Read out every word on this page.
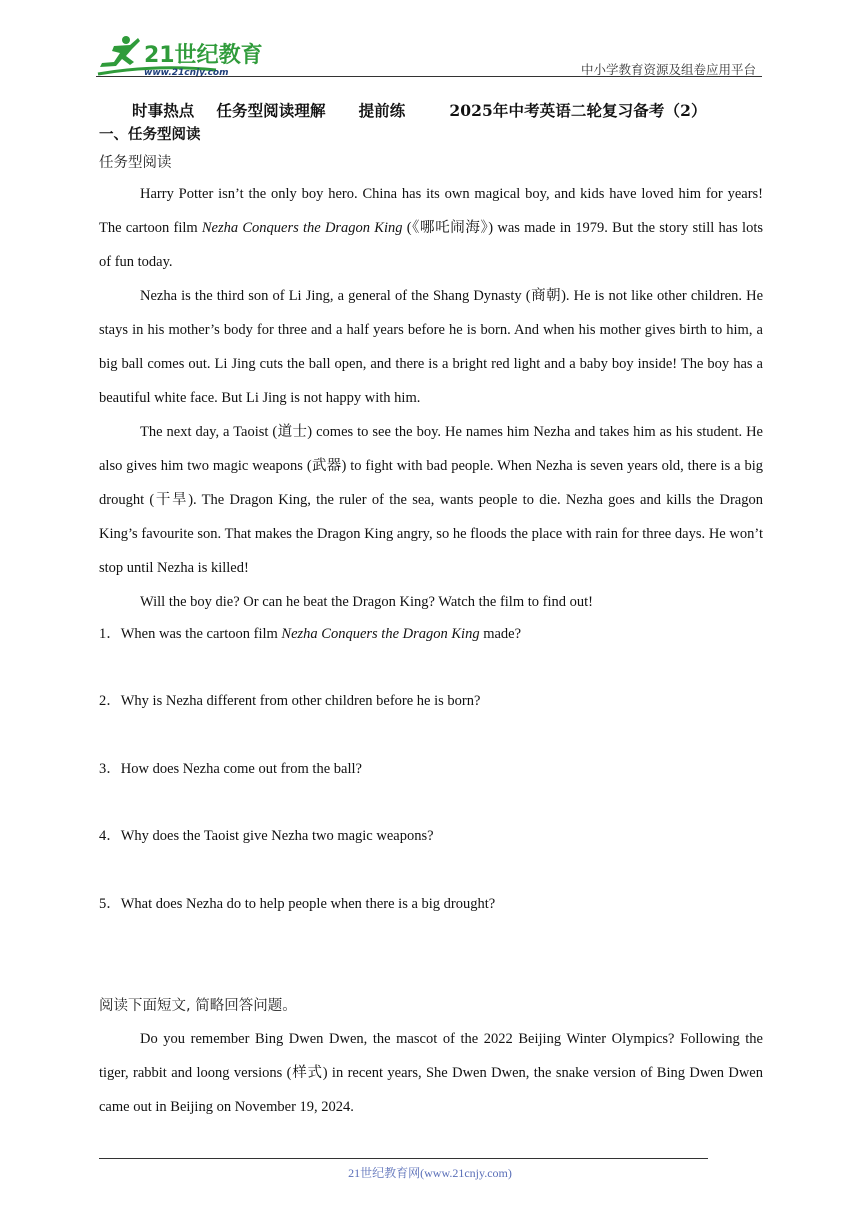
21世纪教育
www.21cnjy.com	中小学教育资源及组卷应用平台
时事热点    任务型阅读理解      提前练        2025年中考英语二轮复习备考（2）
一、任务型阅读
任务型阅读

Harry Potter isn’t the only boy hero. China has its own magical boy, and kids have loved him for years! The cartoon film Nezha Conquers the Dragon King (《哪吒闹海》) was made in 1979. But the story still has lots of fun today.

Nezha is the third son of Li Jing, a general of the Shang Dynasty (商朝). He is not like other children. He stays in his mother’s body for three and a half years before he is born. And when his mother gives birth to him, a big ball comes out. Li Jing cuts the ball open, and there is a bright red light and a baby boy inside! The boy has a beautiful white face. But Li Jing is not happy with him.

The next day, a Taoist (道士) comes to see the boy. He names him Nezha and takes him as his student. He also gives him two magic weapons (武器) to fight with bad people. When Nezha is seven years old, there is a big drought (干旱). The Dragon King, the ruler of the sea, wants people to die. Nezha goes and kills the Dragon King’s favourite son. That makes the Dragon King angry, so he floods the place with rain for three days. He won’t stop until Nezha is killed!

Will the boy die? Or can he beat the Dragon King? Watch the film to find out!

1．When was the cartoon film Nezha Conquers the Dragon King made?
2．Why is Nezha different from other children before he is born?
3．How does Nezha come out from the ball?
4．Why does the Taoist give Nezha two magic weapons?
5．What does Nezha do to help people when there is a big drought?
阅读下面短文, 简略回答问题。

Do you remember Bing Dwen Dwen, the mascot of the 2022 Beijing Winter Olympics? Following the tiger, rabbit and loong versions (样式) in recent years, She Dwen Dwen, the snake version of Bing Dwen Dwen came out in Beijing on November 19, 2024.

21世纪教育网(www.21cnjy.com)
